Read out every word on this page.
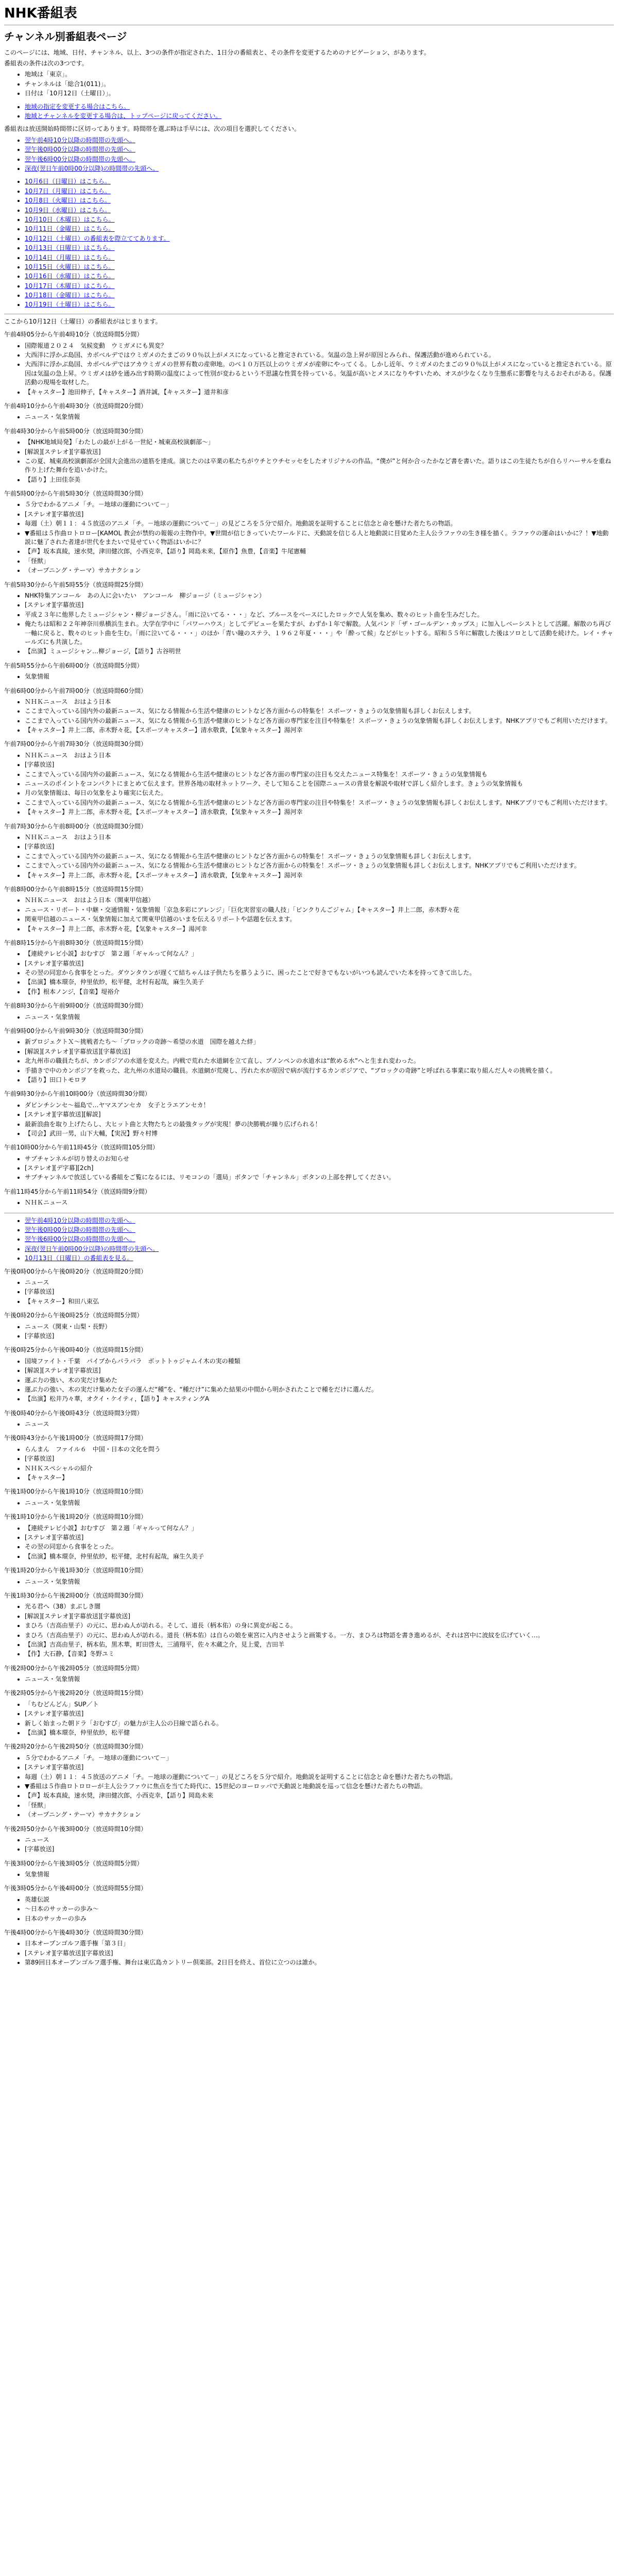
NHK番組表
チャンネル別番組表ページ

このページには、地域、日付、チャンネル、以上、3つの条件が指定された、1日分の番組表と、その条件を変更するためのナビゲーション、があります。

番組表の条件は次の3つです。

• 地域は「東京」。
• チャンネルは「総合1(011)」。
• 日付は「10月12日（土曜日）」。
• 地域の指定を変更する場合はこちら。
• 地域とチャンネルを変更する場合は、トップページに戻ってください。

番組表は放送開始時間帯に区切ってあります。時間帯を選ぶ時は手早には、次の項目を選択してください。

• 翌午前4時10分以降の時間帯の先頭へ。
• 翌午後0時00分以降の時間帯の先頭へ。
• 翌午後6時00分以降の時間帯の先頭へ。
• 深夜(翌日午前0時00分以降)の時間帯の先頭へ。
• 10月6日（日曜日）はこちら。
• 10月7日（月曜日）はこちら。
• 10月8日（火曜日）はこちら。
• 10月9日（水曜日）はこちら。
• 10月10日（木曜日）はこちら。
• 10月11日（金曜日）はこちら。
• 10月12日（土曜日）の番組表を際立ててあります。
• 10月13日（日曜日）はこちら。
• 10月14日（月曜日）はこちら。
• 10月15日（火曜日）はこちら。
• 10月16日（水曜日）はこちら。
• 10月17日（木曜日）はこちら。
• 10月18日（金曜日）はこちら。
• 10月19日（土曜日）はこちら。

ここから10月12日（土曜日）の番組表がはじまります。

午前4時05分から午前4時10分（放送時間5分間）

• 国際報道２０２４　気候変動　ウミガメにも異変？
• 大西洋に浮かぶ島国、カボベルデではウミガメのたまごの９０％以上がメスになっていると推定されている。気温の急上昇が原因とみられ、保護活動が進められている。
• 大西洋に浮かぶ島国、カボベルデではアカウミガメの世界有数の産卵地。のべ１０万匹以上のウミガメが産卵にやってくる。しかし近年、ウミガメのたまごの９０％以上がメスになっていると推定されている。原因は気温の急上昇。ウミガメは砂を通み出す時期の温度によって性別が変わるという不思議な性質を持っている。気温が高いとメスになりやすいため、オスが少なくなり生態系に影響を与えるおそれがある。保護活動の現場を取材した。
• 【キャスター】池田伸子，【キャスター】酒井誠，【キャスター】道井和彦

午前4時10分から午前4時30分（放送時間20分間）

• ニュース・気象情報

午前4時30分から午前5時00分（放送時間30分間）

• 【NHK地域局発】「わたしの最が上がる一世紀・城東高校演劇部～」
• [解説][ステレオ][字幕放送]
• この夏、城東高校演劇部が全国大会進出の道筋を達成。演じたのは卒業の私たちがウチとウチセッセをしたオリジナルの作品。“僕が”と何か合ったかなど書を書いた。語りはこの生徒たちが自らリハーサルを重ね作り上げた舞台を追いかけた。
• 【語り】上田佳奈美

午前5時00分から午前5時30分（放送時間30分間）

• ５分でわかるアニメ「チ。－地球の運動について－」
• [ステレオ][字幕放送]
• 毎週（土）朝１１：４５放送のアニメ「チ。－地球の運動について－」の見どころを５分で紹介。地動説を証明することに信念と命を懸けた者たちの物語。
• ▼番組は５作曲ロトロロー[KAMOL 教会が禁約の報報の主物作中。▼世間が信じきっていたワールドに、天動説を信じる人と地動説に目覚めた主人公ラファウの生き様を描く。ラファウの運命はいかに？！▼地動説に魅了された者達が世代をまたいで見せていく物語はいかに？
• 【声】坂本真綾，速水奨，津田健次郎，小西克幸，【語り】岡島未来，【原作】魚豊，【音楽】牛尾憲輔
• 「怪獣」
• （オープニング・テーマ）サカナクション

午前5時30分から午前5時55分（放送時間25分間）

• NHK特集アンコール　あの人に会いたい　アンコール　柳ジョージ（ミュージシャン）
• [ステレオ][字幕放送]
• 平成２３年に他界したミュージシャン・柳ジョージさん。「雨に泣いてる・・・」など、ブルースをベースにしたロックで人気を集め、数々のヒット曲を生みだした。
• 俺たちは昭和２２年神奈川県横浜生まれ。大学在学中に「パワーハウス」としてデビューを果たすが、わずか１年で解散。人気バンド「ザ・ゴールデン・カップス」に加入しベーシストとして活躍。解散のち再び一軸に戻ると、数々のヒット曲を生む。「雨に泣いてる・・・」のほか「青い瞳のステラ、１９６２年夏・・・」や「酔って候」などがヒットする。昭和５５年に解散した後はソロとして活動を続けた。レイ・チャールズにも共演した。
• 【出演】ミュージシャン…柳ジョージ，【語り】古谷明世

午前5時55分から午前6時00分（放送時間5分間）

• 気象情報

午前6時00分から午前7時00分（放送時間60分間）

• ＮＨＫニュース　おはよう日本
• ここまで入っている国内外の最新ニュース、気になる情報から生活や健康のヒントなど各方面からの特集を！スポーツ・きょうの気象情報も詳しくお伝えします。
• ここまで入っている国内外の最新ニュース、気になる情報から生活や健康のヒントなど各方面の専門家を注目や特集を！スポーツ・きょうの気象情報も詳しくお伝えします。NHKアプリでもご利用いただけます。
• 【キャスター】井上二郎，赤木野々花，【スポーツキャスター】清水敬貴，【気象キャスター】湯河幸

午前7時00分から午前7時30分（放送時間30分間）

• ＮＨＫニュース　おはよう日本
• [字幕放送]
• ここまで入っている国内外の最新ニュース、気になる情報から生活や健康のヒントなど各方面の専門家の注目も交えたニュース特集を！スポーツ・きょうの気象情報も
• ニュースのポイントをコンパクトにまとめて伝えます。世界各地の取材ネットワーク、そして知ることを国際ニュースの背景を解説や取材で詳しく紹介します。きょうの気象情報も
• 月の気象情報は、毎日の気象をより確実に伝えた。
• ここまで入っている国内外の最新ニュース、気になる情報から生活や健康のヒントなど各方面の専門家の注目や特集を！スポーツ・きょうの気象情報も詳しくお伝えします。NHKアプリでもご利用いただけます。
• 【キャスター】井上二郎，赤木野々花，【スポーツキャスター】清水敬貴，【気象キャスター】湯河幸

午前7時30分から午前8時00分（放送時間30分間）

• ＮＨＫニュース　おはよう日本
• [字幕放送]
• ここまで入っている国内外の最新ニュース、気になる情報から生活や健康のヒントなど各方面からの特集を！スポーツ・きょうの気象情報も詳しくお伝えします。
• ここまで入っている国内外の最新ニュース、気になる情報から生活や健康のヒントなど各方面からの特集を！スポーツ・きょうの気象情報も詳しくお伝えします。NHKアプリでもご利用いただけます。
• 【キャスター】井上二郎，赤木野々花，【スポーツキャスター】清水敬貴，【気象キャスター】湯河幸

午前8時00分から午前8時15分（放送時間15分間）

• ＮＨＫニュース　おはよう日本（関東甲信越）
• ニュース・リポート・中継・交通情報・気象情報「京急多彩にアレンジ」「巨化実習室の職人技」「ピンクりんごジャム」【キャスター】井上二郎，赤木野々花
• 関東甲信越のニュース・気象情報に加えて関東甲信越のいまを伝えるリポートや話題を伝えます。
• 【キャスター】井上二郎，赤木野々花，【気象キャスター】湯河幸

午前8時15分から午前8時30分（放送時間15分間）

• 【連続テレビ小説】おむすび　第２週「ギャルって何なん？」
• [ステレオ][字幕放送]
• その翌の同窓から食事をとった。ダウンタウンが遅くて結ちゃんは子供たちを慕うように、困ったことで好きでもないがいつも読んでいた本を持ってきて出した。
• 【出演】橋本環奈，仲里依紗，松平健，北村有起哉，麻生久美子
• 【作】根本ノンジ，【音楽】堤裕介

午前8時30分から午前9時00分（放送時間30分間）

• ニュース・気象情報

午前9時00分から午前9時30分（放送時間30分間）

• 新プロジェクトＸ～挑戦者たち～「ブロックの奇跡～希望の水道　国際を越えた絆」
• [解説][ステレオ][字幕放送][字幕放送]
• 北九州市の職員たちが、カンボジアの水道を変えた。内戦で荒れた水道網を立て直し、プノンペンの水道水は“飲める水”へと生まれ変わった。
• 手描きで中のカンボジアを救った、北九州の水道局の職員。水道網が荒廃し、汚れた水が原因で病が流行するカンボジアで、“ブロックの奇跡”と呼ばれる事業に取り組んだ人々の挑戦を描く。
• 【語り】田口トモロヲ

午前9時30分から午前10時00分（放送時間30分間）

• ダビンチシンセ～福島で…ヤマスアンセカ　女子とラエアンセカ！
• [ステレオ][字幕放送][解説]
• 最新浪曲を取り上げたらし、大ヒット曲と大物たちとの最強タッグが実現！夢の決勝戦が繰り広げられる！
• 【司会】武田一男，山下大輔，【実況】野々村博

午前10時00分から午前11時45分（放送時間105分間）

• サブチャンネルが切り替えのお知らせ
• [ステレオ][デ字幕][2ch]
• サブチャンネルで放送している番組をご覧になるには、リモコンの「選局」ボタンで「チャンネル」ボタンの上部を押してください。

午前11時45分から午前11時54分（放送時間9分間）

• ＮＨＫニュース
• 翌午前4時10分以降の時間帯の先頭へ。
• 翌午後0時00分以降の時間帯の先頭へ。
• 翌午後6時00分以降の時間帯の先頭へ。
• 深夜(翌日午前0時00分以降)の時間帯の先頭へ。
• 10月13日（日曜日）の番組表を見る。

午後0時00分から午後0時20分（放送時間20分間）

• ニュース
• [字幕放送]
• 【キャスター】和田八束弘

午後0時20分から午後0時25分（放送時間5分間）

• ニュース（関東・山梨・長野）
• [字幕放送]

午後0時25分から午後0時40分（放送時間15分間）

• 国境ファイト・千葉　パイプからパラパラ　ボットトゥジャムイ木の実の種類
• [解説][ステレオ][字幕放送]
• 運ぶ力の強い、木の実だけ集めた
• 運ぶ力の強い、木の実だけ集めた女子の運んだ“種”を、“種だけ”に集めた結果の中間から明かされたことで種をだけに選んだ。
• 【出演】松井乃々華，オクイ・ケイティ，【語り】キャスティングA

午後0時40分から午後0時43分（放送時間3分間）

• ニュース

午後0時43分から午後1時00分（放送時間17分間）

• らんまん　ファイル６　中国・日本の文化を問う
• [字幕放送]
• ＮＨＫスペシャルの紹介
• 【キャスター】

午後1時00分から午後1時10分（放送時間10分間）

• ニュース・気象情報

午後1時10分から午後1時20分（放送時間10分間）

• 【連続テレビ小説】おむすび　第２週「ギャルって何なん？」
• [ステレオ][字幕放送]
• その翌の同窓から食事をとった。
• 【出演】橋本環奈，仲里依紗，松平健，北村有起哉，麻生久美子

午後1時20分から午後1時30分（放送時間10分間）

• ニュース・気象情報

午後1時30分から午後2時00分（放送時間30分間）

• 光る君へ（38）まぶしき闇
• [解説][ステレオ][字幕放送][字幕放送]
• まひろ（吉高由里子）の元に、思わぬ人が訪れる。そして、道長（柄本佑）の身に異変が起こる。
• まひろ（吉高由里子）の元に、思わぬ人が訪れる。道長（柄本佑）は自らの娘を東宮に入内させようと画策する。一方、まひろは物語を書き進めるが、それは宮中に波紋を広げていく…。
• 【出演】吉高由里子，柄本佑，黒木華，町田啓太，三浦翔平，佐々木蔵之介，見上愛，吉田羊
• 【作】大石静，【音楽】冬野ユミ

午後2時00分から午後2時05分（放送時間5分間）

• ニュース・気象情報

午後2時05分から午後2時20分（放送時間15分間）

• 「ちむどんどん」SUP／ト
• [ステレオ][字幕放送]
• 新しく始まった朝ドラ「おむすび」の魅力が主人公の目線で語られる。
• 【出演】橋本環奈，仲里依紗，松平健

午後2時20分から午後2時50分（放送時間30分間）

• ５分でわかるアニメ「チ。－地球の運動について－」
• [ステレオ][字幕放送]
• 毎週（土）朝１１：４５放送のアニメ「チ。－地球の運動について－」の見どころを５分で紹介。地動説を証明することに信念と命を懸けた者たちの物語。
• ▼番組は５作曲ロトロローが主人公ラファウに焦点を当てた時代に、15世紀のヨーロッパで天動説と地動説を巡って信念を懸けた者たちの物語。
• 【声】坂本真綾，速水奨，津田健次郎，小西克幸，【語り】岡島未来
• 「怪獣」
• （オープニング・テーマ）サカナクション

午後2時50分から午後3時00分（放送時間10分間）

• ニュース
• [字幕放送]

午後3時00分から午後3時05分（放送時間5分間）

• 気象情報

午後3時05分から午後4時00分（放送時間55分間）

• 英雄伝説
• ～日本のサッカーの歩み～
• 日本のサッカーの歩み

午後4時00分から午後4時30分（放送時間30分間）

• 日本オープンゴルフ選手権「第３日」
• [ステレオ][字幕放送][字幕放送]
• 第89回日本オープンゴルフ選手権、舞台は東広島カントリー倶楽部。2日目を終え、首位に立つのは誰か。
